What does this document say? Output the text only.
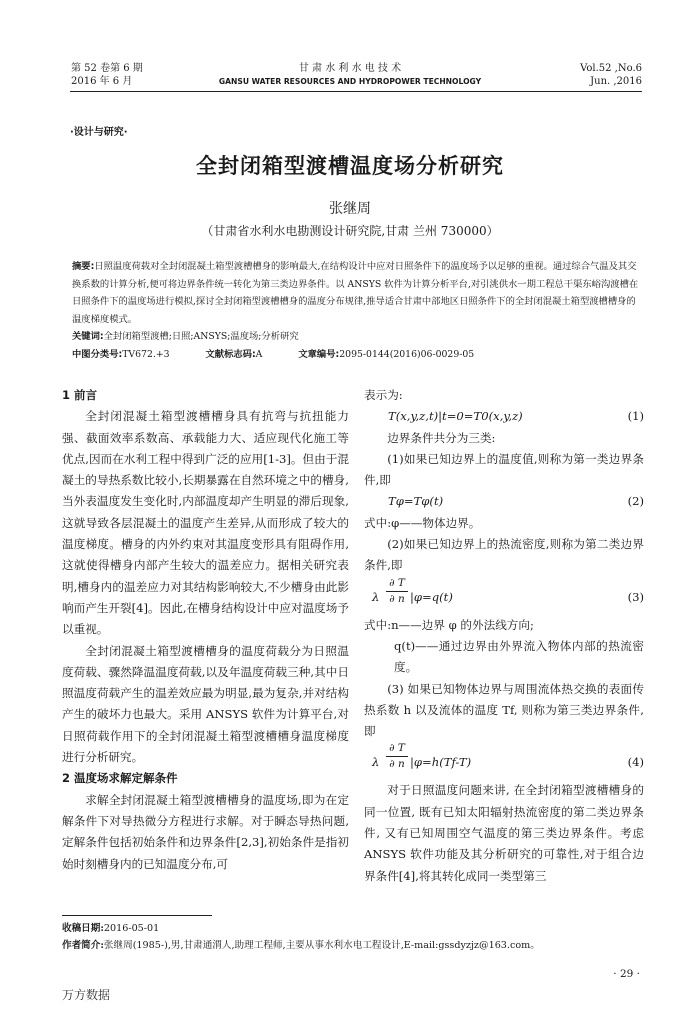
第 52 卷第 6 期
2016 年 6 月
甘 肃 水 利 水 电 技 术
GANSU WATER RESOURCES AND HYDROPOWER TECHNOLOGY
Vol.52 ,No.6
Jun. ,2016
·设计与研究·
全封闭箱型渡槽温度场分析研究
张继周
（甘肃省水利水电勘测设计研究院,甘肃 兰州 730000）
摘要:日照温度荷载对全封闭混凝土箱型渡槽槽身的影响最大,在结构设计中应对日照条件下的温度场予以足够的重视。通过综合气温及其交换系数的计算分析,便可将边界条件统一转化为第三类边界条件。以 ANSYS 软件为计算分析平台,对引洮供水一期工程总干渠东峪沟渡槽在日照条件下的温度场进行模拟,探讨全封闭箱型渡槽槽身的温度分布规律,推导适合甘肃中部地区日照条件下的全封闭混凝土箱型渡槽槽身的温度梯度模式。
关键词:全封闭箱型渡槽;日照;ANSYS;温度场;分析研究
中图分类号:TV672.+3	文献标志码:A	文章编号:2095-0144(2016)06-0029-05

1 前言

全封闭混凝土箱型渡槽槽身具有抗弯与抗扭能力强、截面效率系数高、承载能力大、适应现代化施工等优点,因而在水利工程中得到广泛的应用[1-3]。但由于混凝土的导热系数比较小,长期暴露在自然环境之中的槽身,当外表温度发生变化时,内部温度却产生明显的滞后现象,这就导致各层混凝土的温度产生差异,从而形成了较大的温度梯度。槽身的内外约束对其温度变形具有阻碍作用,这就使得槽身内部产生较大的温差应力。据相关研究表明,槽身内的温差应力对其结构影响较大,不少槽身由此影响而产生开裂[4]。因此,在槽身结构设计中应对温度场予以重视。

全封闭混凝土箱型渡槽槽身的温度荷载分为日照温度荷载、骤然降温温度荷载,以及年温度荷载三种,其中日照温度荷载产生的温差效应最为明显,最为复杂,并对结构产生的破坏力也最大。采用 ANSYS 软件为计算平台,对日照荷载作用下的全封闭混凝土箱型渡槽槽身温度梯度进行分析研究。

2 温度场求解定解条件

求解全封闭混凝土箱型渡槽槽身的温度场,即为在定解条件下对导热微分方程进行求解。对于瞬态导热问题,定解条件包括初始条件和边界条件[2,3],初始条件是指初始时刻槽身内的已知温度分布,可

表示为:

T(x,y,z,t)|t=0=T0(x,y,z)	(1)

边界条件共分为三类:

(1)如果已知边界上的温度值,则称为第一类边界条件,即

Tφ=Tφ(t)	(2)

式中:φ——物体边界。

(2)如果已知边界上的热流密度,则称为第二类边界条件,即

λ
∂ T
∂ n |φ=q(t)	(3)

式中:n——边界 φ 的外法线方向;

q(t)——通过边界由外界流入物体内部的热流密度。

(3) 如果已知物体边界与周围流体热交换的表面传热系数 h 以及流体的温度 Tf, 则称为第三类边界条件,即

λ
∂ T
∂ n |φ=h(Tf-T)	(4)

对于日照温度问题来讲, 在全封闭箱型渡槽槽身的同一位置, 既有已知太阳辐射热流密度的第二类边界条件, 又有已知周围空气温度的第三类边界条件。考虑 ANSYS 软件功能及其分析研究的可靠性,对于组合边界条件[4],将其转化成同一类型第三

收稿日期:2016-05-01
作者简介:张继周(1985-),男,甘肃通渭人,助理工程师,主要从事水利水电工程设计,E-mail:gssdyzjz@163.com。
· 29 ·
万方数据
